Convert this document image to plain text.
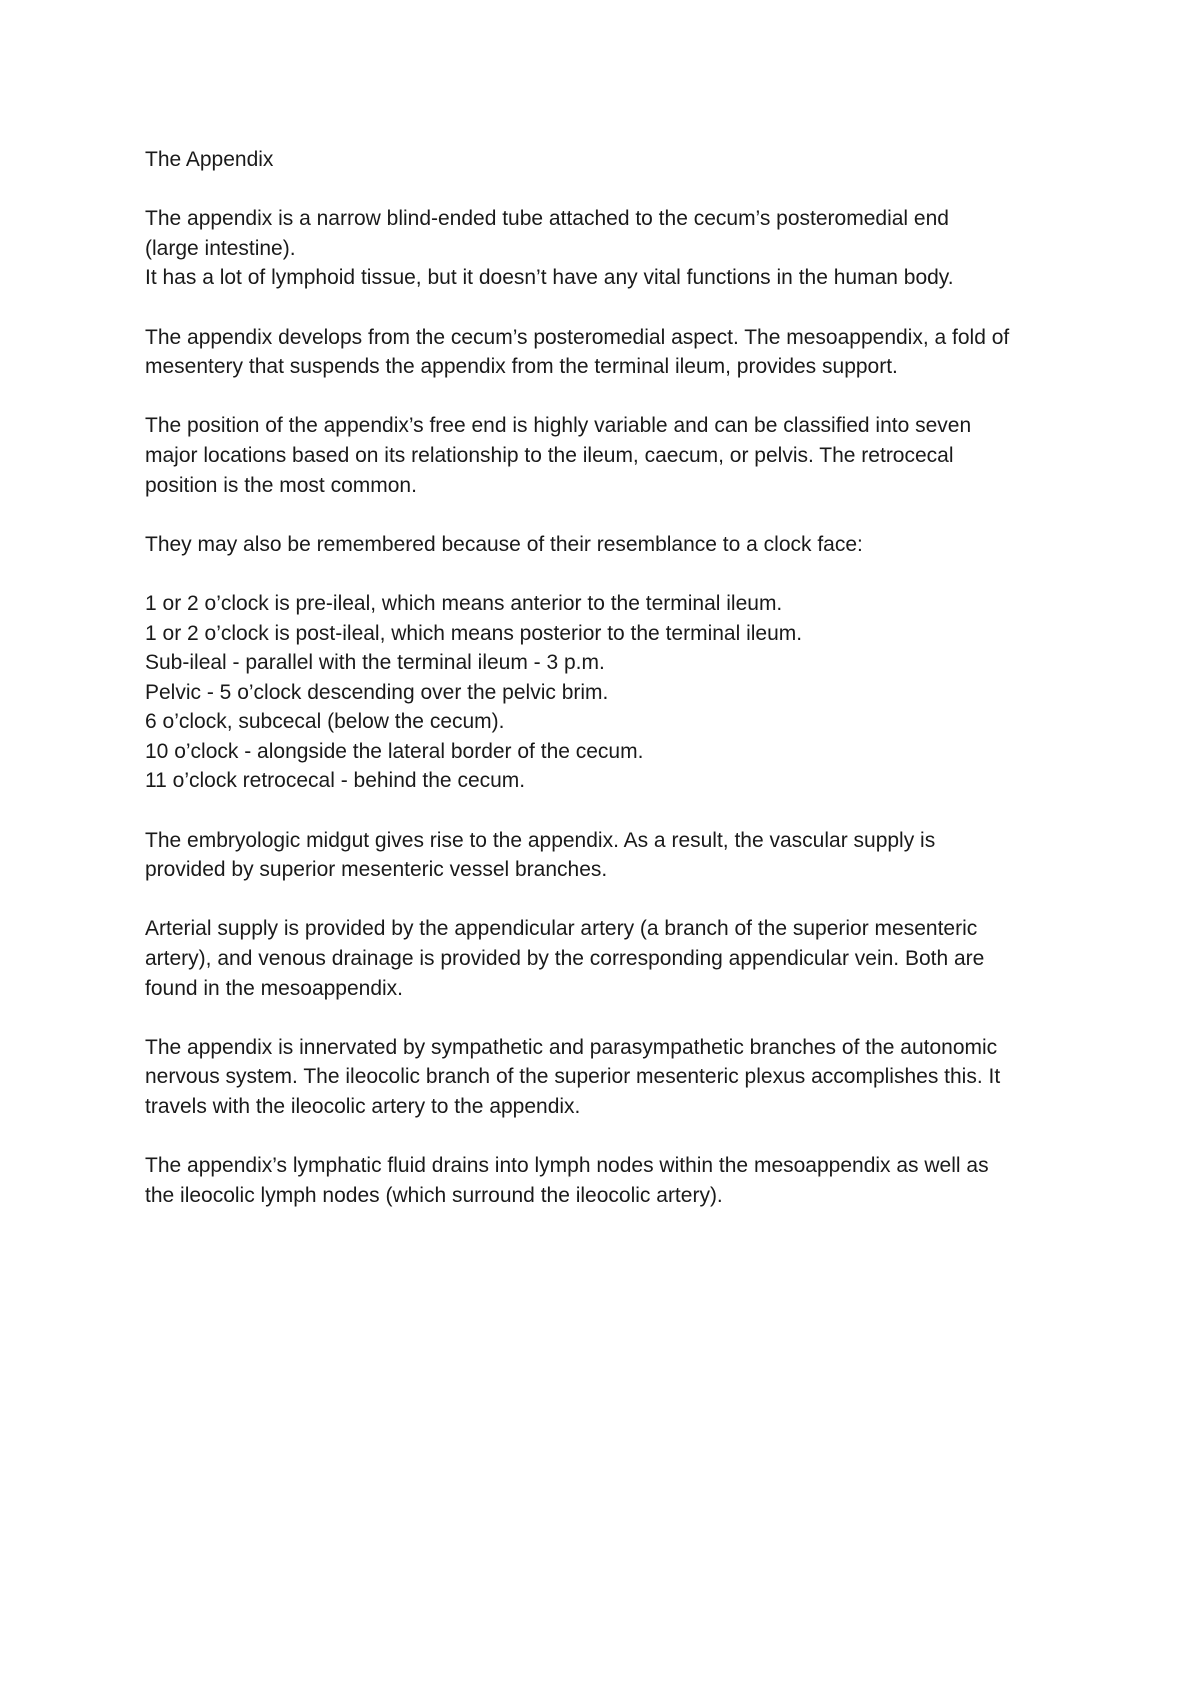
The Appendix
The appendix is a narrow blind-ended tube attached to the cecum’s posteromedial end
(large intestine).
It has a lot of lymphoid tissue, but it doesn’t have any vital functions in the human body.
The appendix develops from the cecum’s posteromedial aspect. The mesoappendix, a fold of
mesentery that suspends the appendix from the terminal ileum, provides support.
The position of the appendix’s free end is highly variable and can be classified into seven
major locations based on its relationship to the ileum, caecum, or pelvis. The retrocecal
position is the most common.
They may also be remembered because of their resemblance to a clock face:
1 or 2 o’clock is pre-ileal, which means anterior to the terminal ileum.
1 or 2 o’clock is post-ileal, which means posterior to the terminal ileum.
Sub-ileal - parallel with the terminal ileum - 3 p.m.
Pelvic - 5 o’clock descending over the pelvic brim.
6 o’clock, subcecal (below the cecum).
10 o’clock - alongside the lateral border of the cecum.
11 o’clock retrocecal - behind the cecum.
The embryologic midgut gives rise to the appendix. As a result, the vascular supply is
provided by superior mesenteric vessel branches.
Arterial supply is provided by the appendicular artery (a branch of the superior mesenteric
artery), and venous drainage is provided by the corresponding appendicular vein. Both are
found in the mesoappendix.
The appendix is innervated by sympathetic and parasympathetic branches of the autonomic
nervous system. The ileocolic branch of the superior mesenteric plexus accomplishes this. It
travels with the ileocolic artery to the appendix.
The appendix’s lymphatic fluid drains into lymph nodes within the mesoappendix as well as
the ileocolic lymph nodes (which surround the ileocolic artery).
